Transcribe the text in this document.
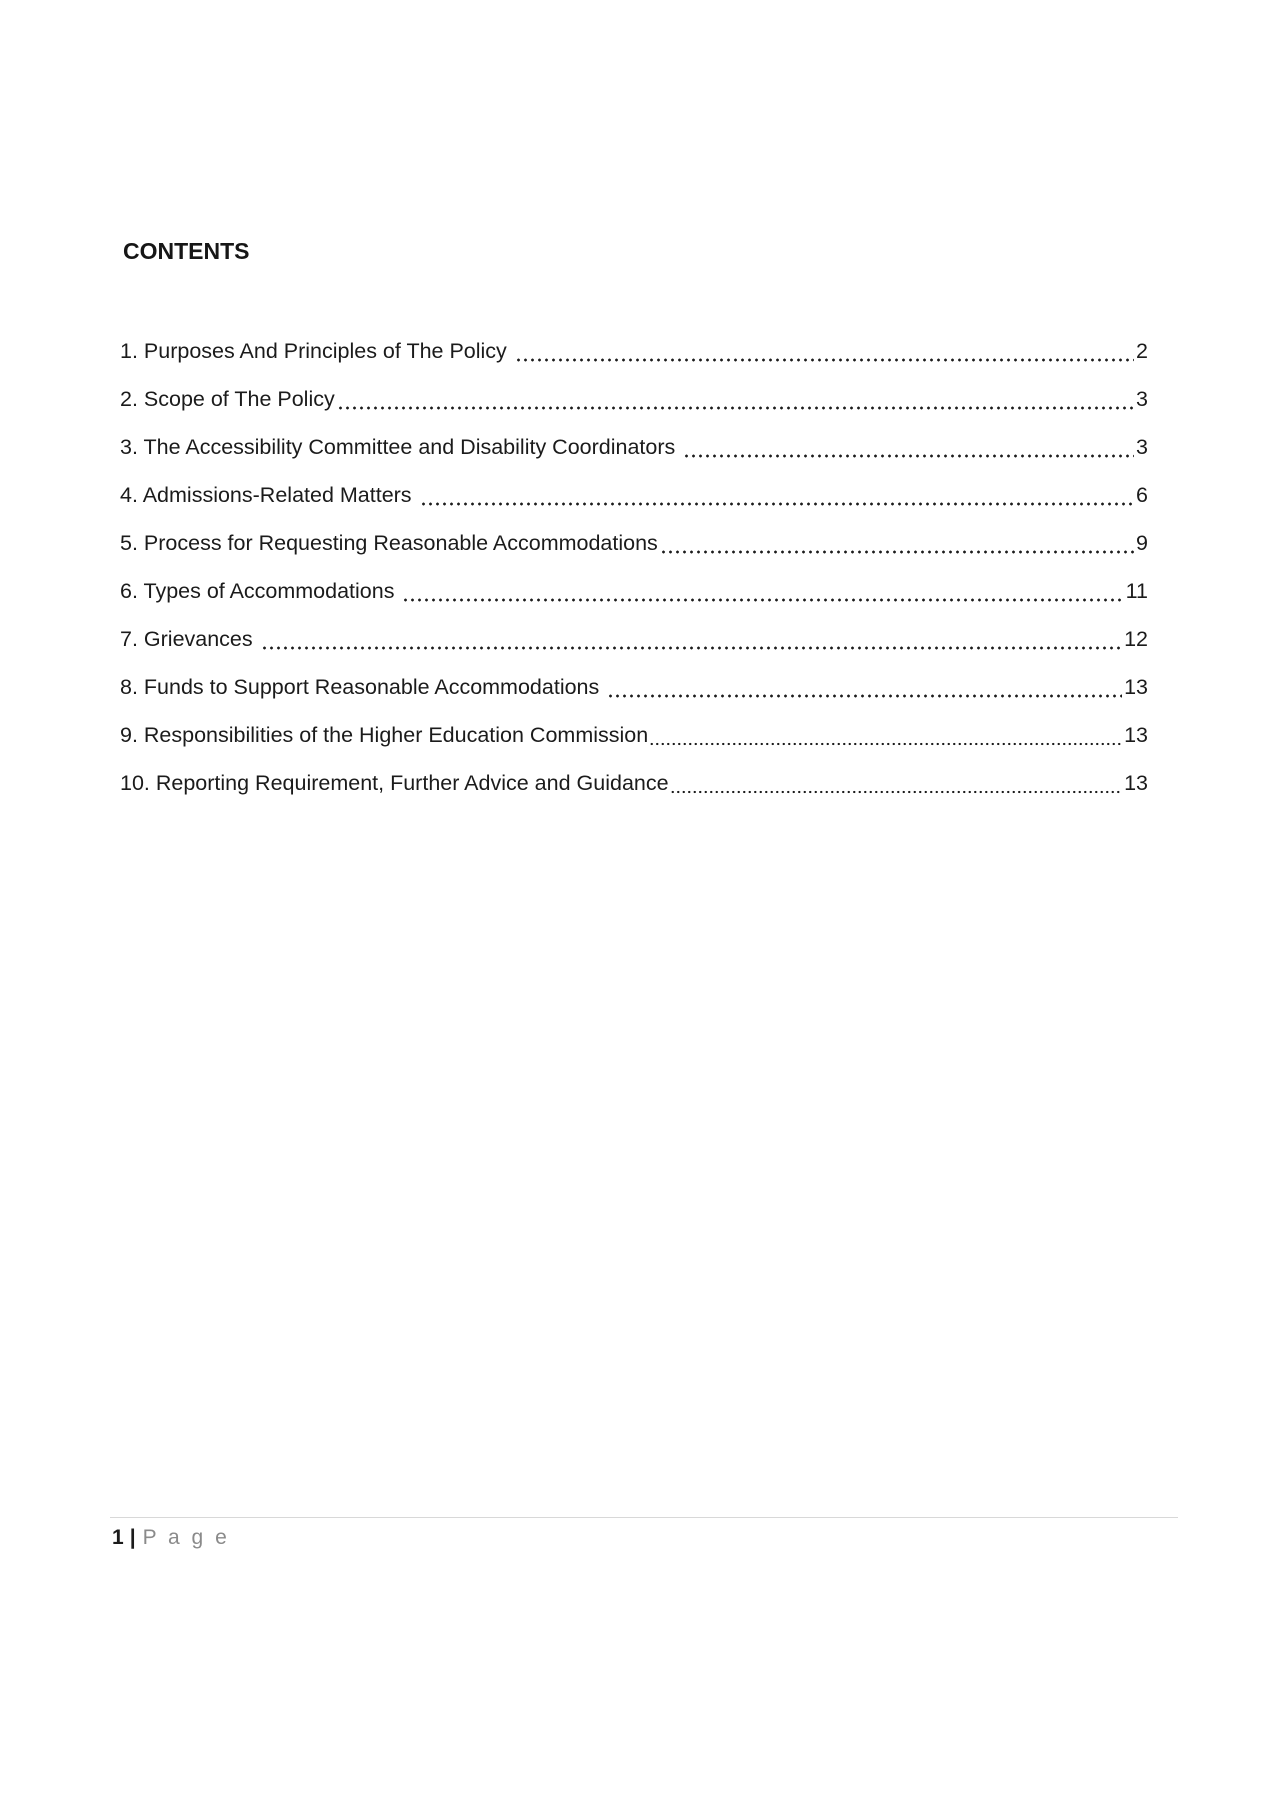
CONTENTS
1. Purposes And Principles of The Policy	2
2. Scope of The Policy	3
3. The Accessibility Committee and Disability Coordinators	3
4. Admissions-Related Matters	6
5. Process for Requesting Reasonable Accommodations	9
6. Types of Accommodations	11
7. Grievances	12
8. Funds to Support Reasonable Accommodations	13
9. Responsibilities of the Higher Education Commission	13
10. Reporting Requirement, Further Advice and Guidance	13
1 | P a g e
